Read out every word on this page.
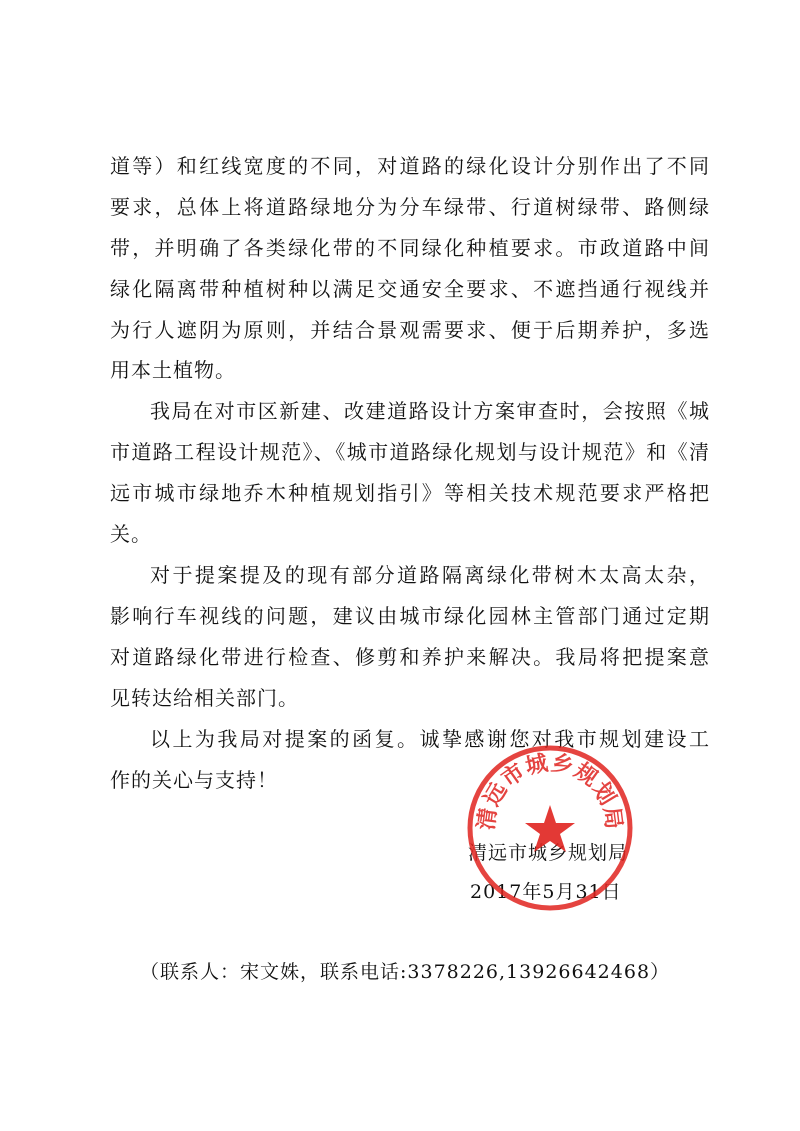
道等）和红线宽度的不同，对道路的绿化设计分别作出了不同
要求，总体上将道路绿地分为分车绿带、行道树绿带、路侧绿
带，并明确了各类绿化带的不同绿化种植要求。市政道路中间
绿化隔离带种植树种以满足交通安全要求、不遮挡通行视线并
为行人遮阴为原则，并结合景观需要求、便于后期养护，多选
用本土植物。
我局在对市区新建、改建道路设计方案审查时，会按照《城
市道路工程设计规范》、《城市道路绿化规划与设计规范》和《清
远市城市绿地乔木种植规划指引》等相关技术规范要求严格把
关。
对于提案提及的现有部分道路隔离绿化带树木太高太杂，
影响行车视线的问题，建议由城市绿化园林主管部门通过定期
对道路绿化带进行检查、修剪和养护来解决。我局将把提案意
见转达给相关部门。
以上为我局对提案的函复。诚挚感谢您对我市规划建设工
作的关心与支持！
清远市城乡规划局
2017年5月31日
清远市城乡规划局
（联系人：宋文姝，联系电话:3378226,13926642468）
